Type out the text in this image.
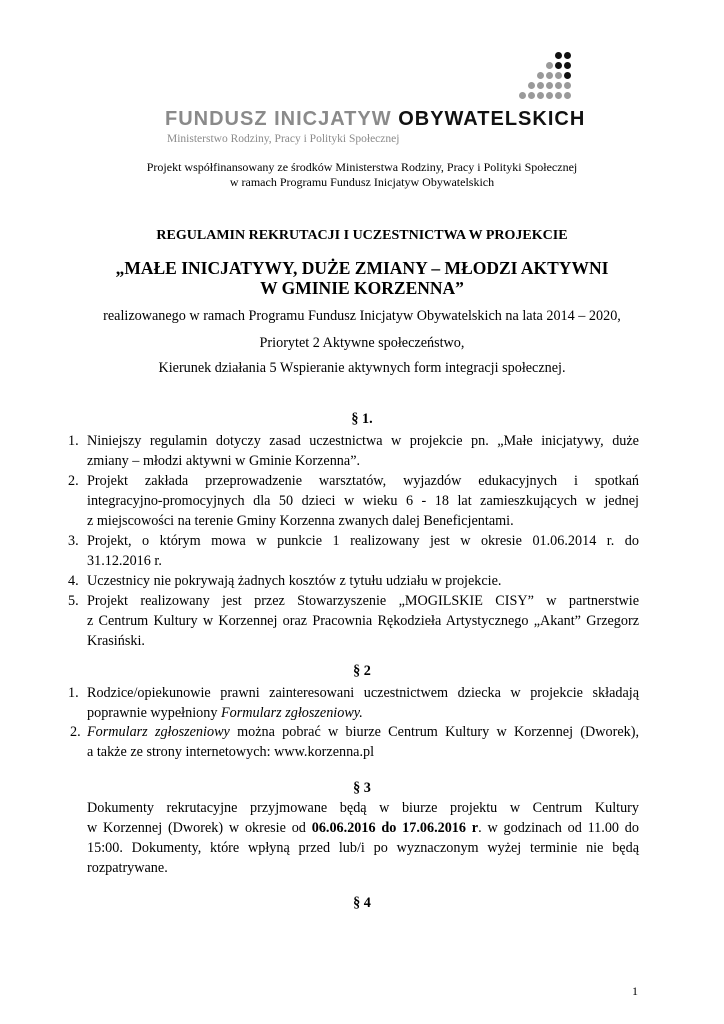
FUNDUSZ INICJATYW OBYWATELSKICH
Ministerstwo Rodziny, Pracy i Polityki Społecznej
Projekt współfinansowany ze środków Ministerstwa Rodziny, Pracy i Polityki Społecznej
w ramach Programu Fundusz Inicjatyw Obywatelskich
REGULAMIN REKRUTACJI I UCZESTNICTWA W PROJEKCIE
„MAŁE INICJATYWY, DUŻE ZMIANY – MŁODZI AKTYWNI
W GMINIE KORZENNA”
realizowanego w ramach Programu Fundusz Inicjatyw Obywatelskich na lata 2014 – 2020,
Priorytet 2 Aktywne społeczeństwo,
Kierunek działania 5 Wspieranie aktywnych form integracji społecznej.
§ 1.
1. Niniejszy regulamin dotyczy zasad uczestnictwa w projekcie pn. „Małe inicjatywy, duże
zmiany – młodzi aktywni w Gminie Korzenna”.
2. Projekt zakłada przeprowadzenie warsztatów, wyjazdów edukacyjnych i spotkań
integracyjno-promocyjnych dla 50 dzieci w wieku 6 - 18 lat zamieszkujących w jednej
z miejscowości na terenie Gminy Korzenna zwanych dalej Beneficjentami.
3. Projekt, o którym mowa w punkcie 1 realizowany jest w okresie 01.06.2014 r. do
31.12.2016 r.
4. Uczestnicy nie pokrywają żadnych kosztów z tytułu udziału w projekcie.
5. Projekt realizowany jest przez Stowarzyszenie „MOGILSKIE CISY” w partnerstwie
z Centrum Kultury w Korzennej oraz Pracownia Rękodzieła Artystycznego „Akant” Grzegorz
Krasiński.
§ 2
1. Rodzice/opiekunowie prawni zainteresowani uczestnictwem dziecka w projekcie składają
poprawnie wypełniony Formularz zgłoszeniowy.
2. Formularz zgłoszeniowy można pobrać w biurze Centrum Kultury w Korzennej (Dworek),
a także ze strony internetowych: www.korzenna.pl
§ 3
Dokumenty rekrutacyjne przyjmowane będą w biurze projektu w Centrum Kultury
w Korzennej (Dworek) w okresie od 06.06.2016 do 17.06.2016 r. w godzinach od 11.00 do
15:00. Dokumenty, które wpłyną przed lub/i po wyznaczonym wyżej terminie nie będą
rozpatrywane.
§ 4
1
